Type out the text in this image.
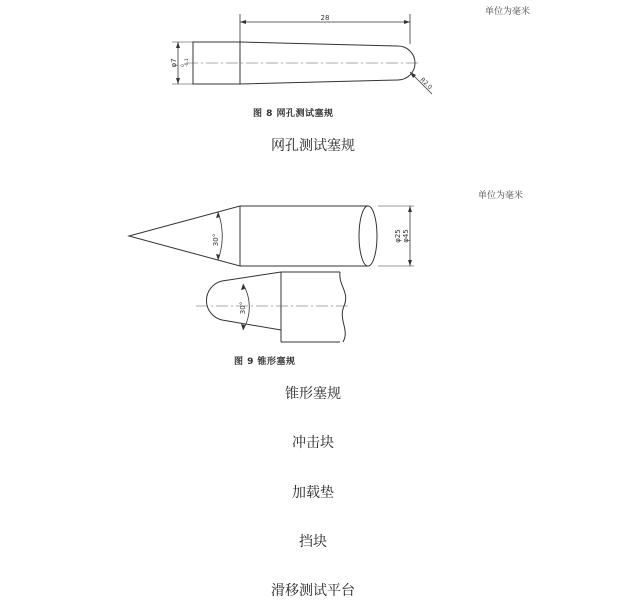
单位为毫米
28
φ7 0 -0.1
R2.0
图 8 网孔测试塞规
网孔测试塞规
单位为毫米
30°	φ25 φ45
30°
图 9 锥形塞规
锥形塞规
冲击块
加载垫
挡块
滑移测试平台
